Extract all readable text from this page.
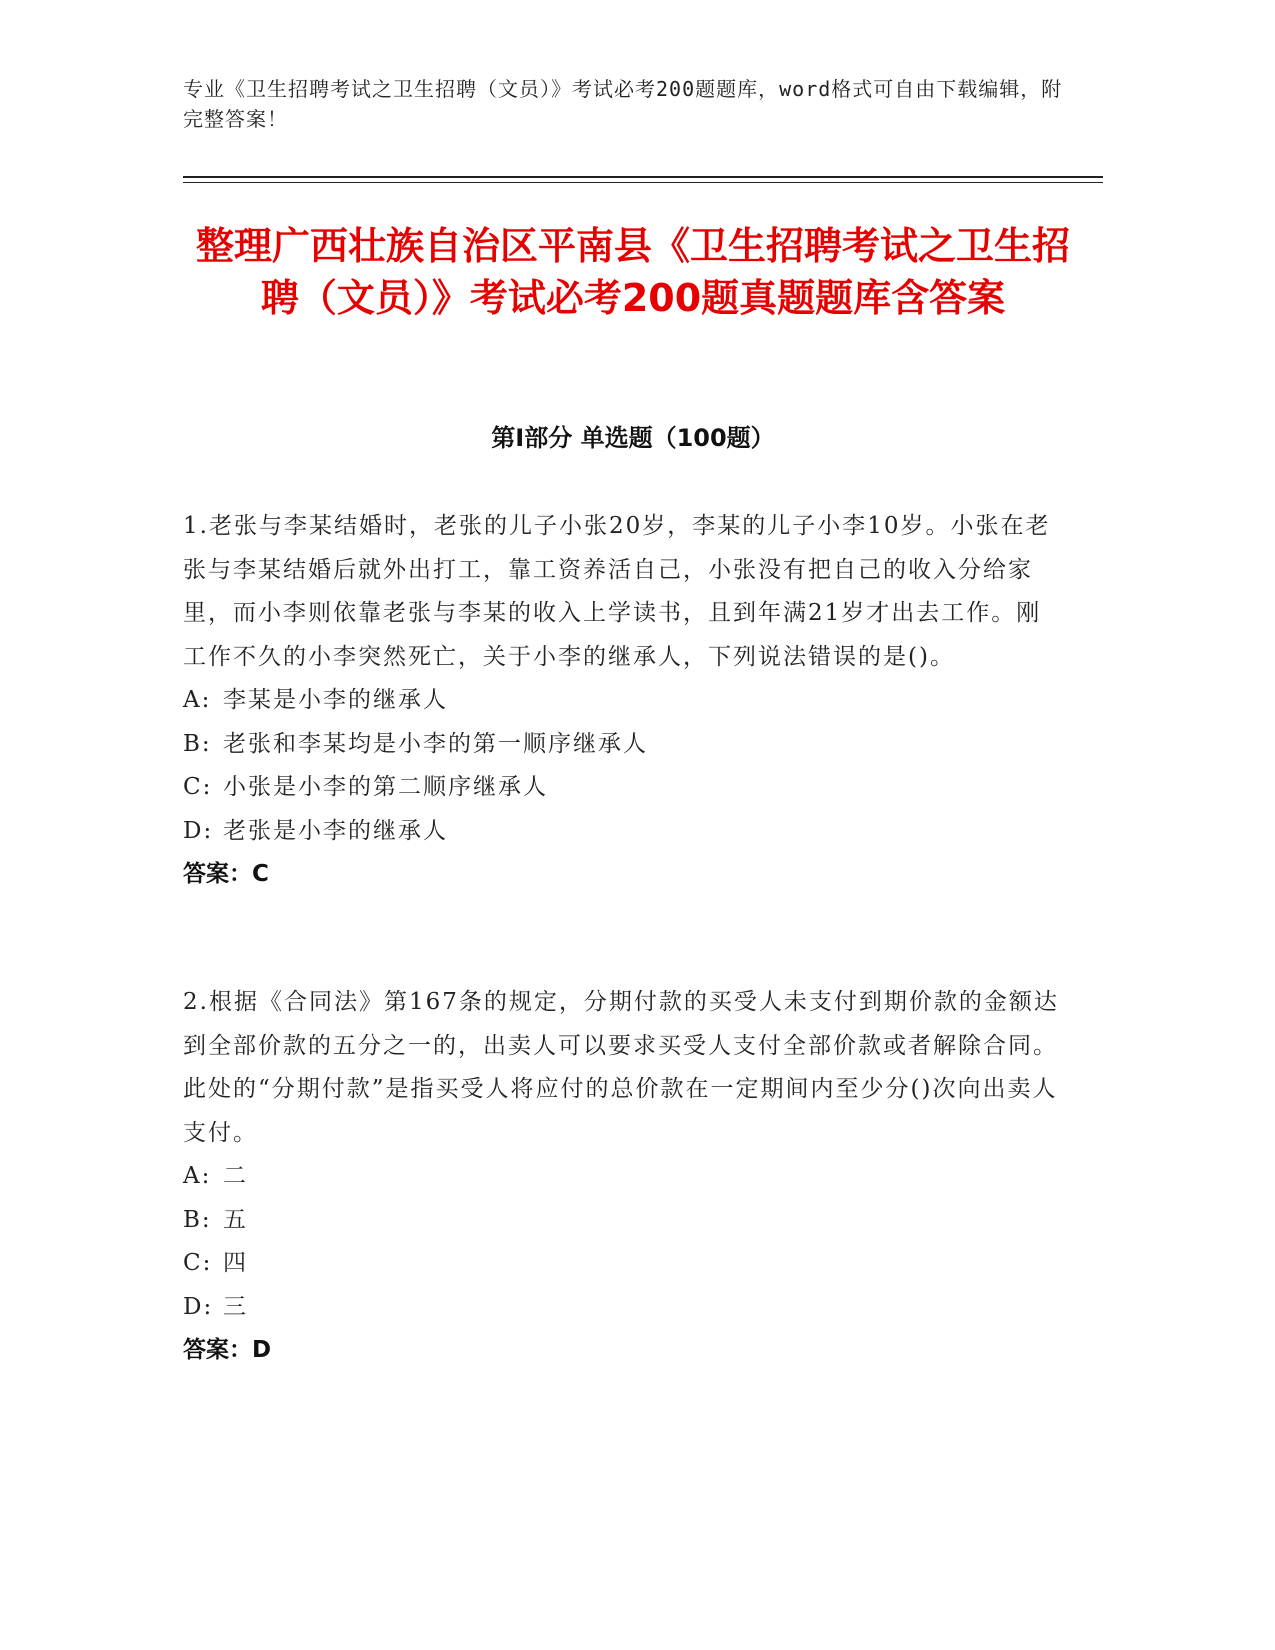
专业《卫生招聘考试之卫生招聘（文员）》考试必考200题题库，word格式可自由下载编辑，附完整答案！
整理广西壮族自治区平南县《卫生招聘考试之卫生招聘（文员）》考试必考200题真题题库含答案
第Ⅰ部分 单选题（100题）

1.老张与李某结婚时，老张的儿子小张20岁，李某的儿子小李10岁。小张在老张与李某结婚后就外出打工，靠工资养活自己，小张没有把自己的收入分给家里，而小李则依靠老张与李某的收入上学读书，且到年满21岁才出去工作。刚工作不久的小李突然死亡，关于小李的继承人，下列说法错误的是()。

A: 李某是小李的继承人

B: 老张和李某均是小李的第一顺序继承人

C: 小张是小李的第二顺序继承人

D: 老张是小李的继承人

答案：C

2.根据《合同法》第167条的规定，分期付款的买受人未支付到期价款的金额达到全部价款的五分之一的，出卖人可以要求买受人支付全部价款或者解除合同。此处的“分期付款”是指买受人将应付的总价款在一定期间内至少分()次向出卖人支付。

A: 二

B: 五

C: 四

D: 三

答案：D
